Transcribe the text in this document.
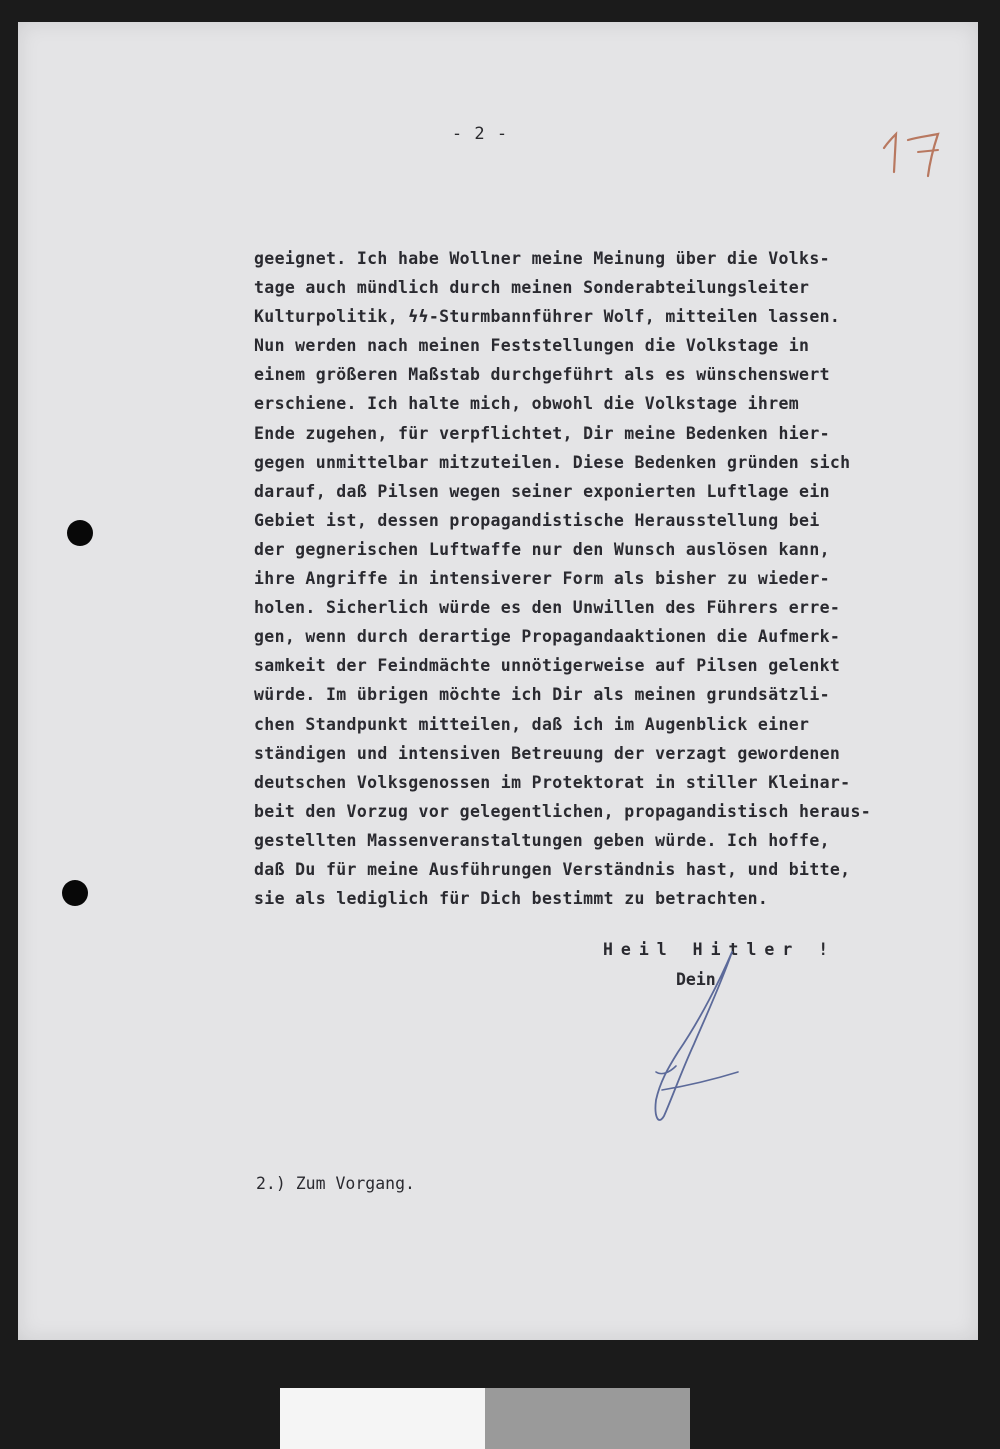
- 2 -
geeignet. Ich habe Wollner meine Meinung über die Volks-
tage auch mündlich durch meinen Sonderabteilungsleiter
Kulturpolitik, ϟϟ-Sturmbannführer Wolf, mitteilen lassen.
Nun werden nach meinen Feststellungen die Volkstage in
einem größeren Maßstab durchgeführt als es wünschenswert
erschiene. Ich halte mich, obwohl die Volkstage ihrem
Ende zugehen, für verpflichtet, Dir meine Bedenken hier-
gegen unmittelbar mitzuteilen. Diese Bedenken gründen sich
darauf, daß Pilsen wegen seiner exponierten Luftlage ein
Gebiet ist, dessen propagandistische Herausstellung bei
der gegnerischen Luftwaffe nur den Wunsch auslösen kann,
ihre Angriffe in intensiverer Form als bisher zu wieder-
holen. Sicherlich würde es den Unwillen des Führers erre-
gen, wenn durch derartige Propagandaaktionen die Aufmerk-
samkeit der Feindmächte unnötigerweise auf Pilsen gelenkt
würde. Im übrigen möchte ich Dir als meinen grundsätzli-
chen Standpunkt mitteilen, daß ich im Augenblick einer
ständigen und intensiven Betreuung der verzagt gewordenen
deutschen Volksgenossen im Protektorat in stiller Kleinar-
beit den Vorzug vor gelegentlichen, propagandistisch heraus-
gestellten Massenveranstaltungen geben würde. Ich hoffe,
daß Du für meine Ausführungen Verständnis hast, und bitte,
sie als lediglich für Dich bestimmt zu betrachten.
Heil Hitler !
Dein
2.) Zum Vorgang.
